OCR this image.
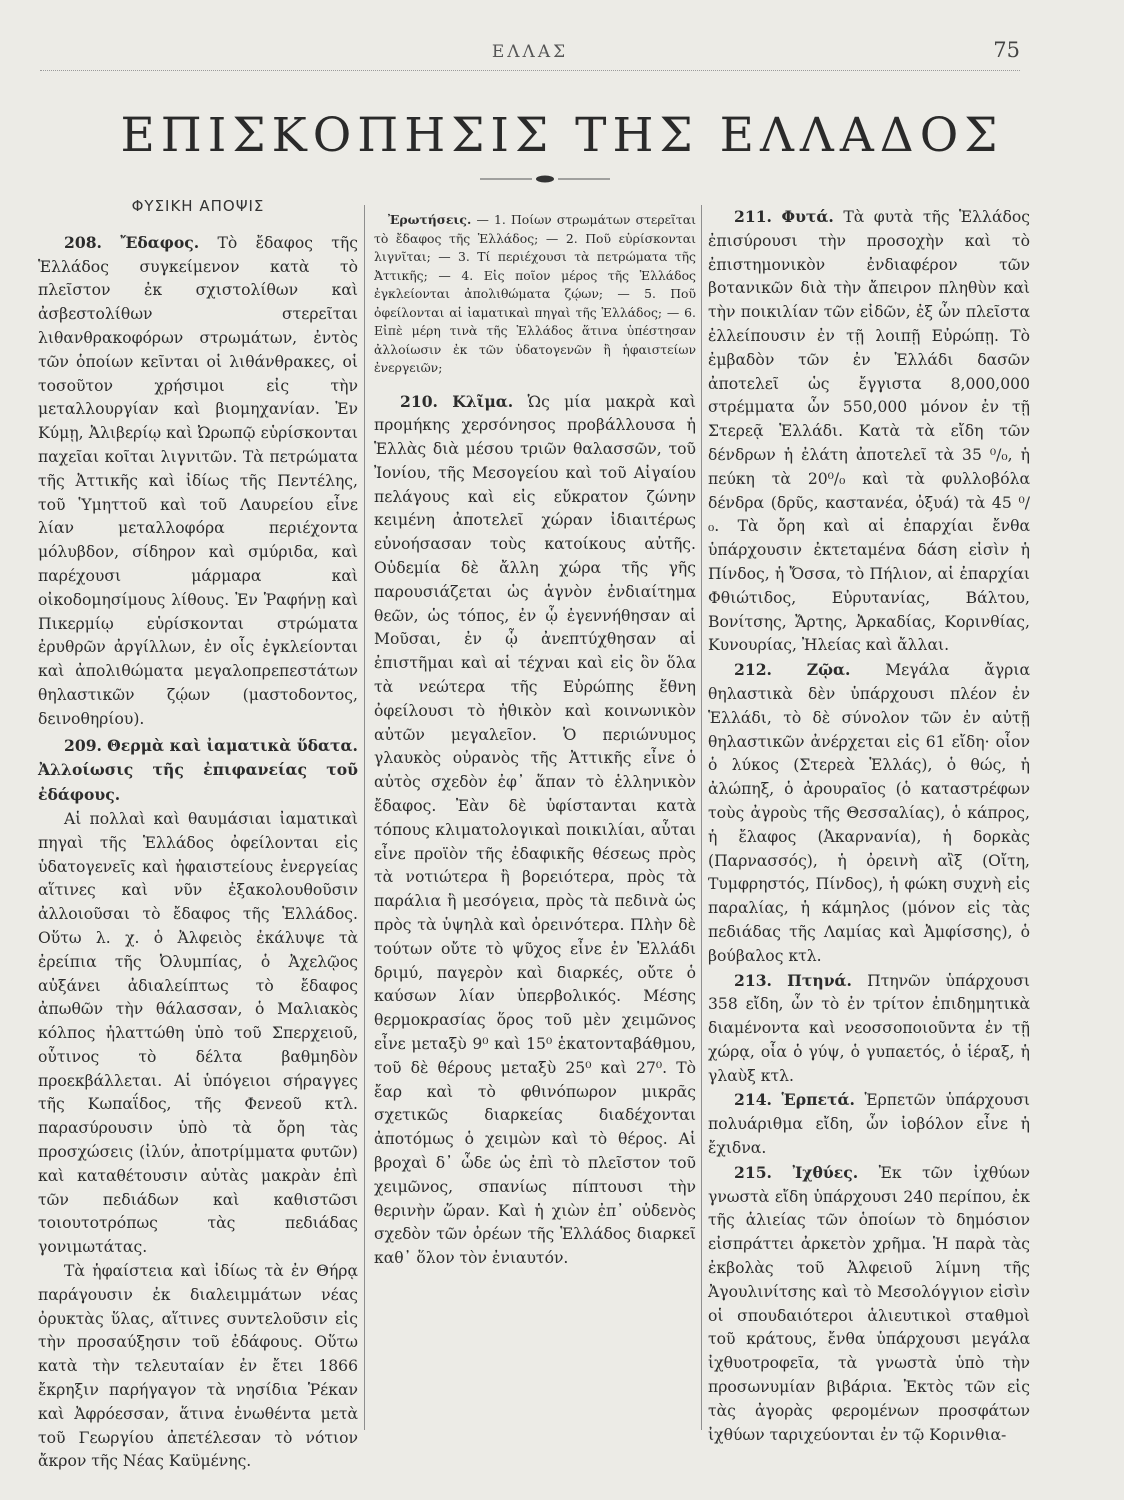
ΕΛΛΑΣ	75
ΕΠΙΣΚΟΠΗΣΙΣ ΤΗΣ ΕΛΛΑΔΟΣ
ΦΥΣΙΚΗ ΑΠΟΨΙΣ

208. Ἔδαφος. Τὸ ἔδαφος τῆς Ἑλλάδος συγκείμενον κατὰ τὸ πλεῖστον ἐκ σχιστολίθων καὶ ἀσβεστολίθων στερεῖται λιθανθρακοφόρων στρωμάτων, ἐντὸς τῶν ὁποίων κεῖνται οἱ λιθάνθρακες, οἱ τοσοῦτον χρήσιμοι εἰς τὴν μεταλλουργίαν καὶ βιομηχανίαν. Ἐν Κύμῃ, Ἀλιβερίῳ καὶ Ὠρωπῷ εὑρίσκονται παχεῖαι κοῖται λιγνιτῶν. Τὰ πετρώματα τῆς Ἀττικῆς καὶ ἰδίως τῆς Πεντέλης, τοῦ Ὑμηττοῦ καὶ τοῦ Λαυρείου εἶνε λίαν μεταλλοφόρα περιέχοντα μόλυβδον, σίδηρον καὶ σμύριδα, καὶ παρέχουσι μάρμαρα καὶ οἰκοδομησίμους λίθους. Ἐν Ῥαφήνῃ καὶ Πικερμίῳ εὑρίσκονται στρώματα ἐρυθρῶν ἀργίλλων, ἐν οἷς ἐγκλείονται καὶ ἀπολιθώματα μεγαλοπρεπεστάτων θηλαστικῶν ζῴων (μαστοδοντος, δεινοθηρίου).

209. Θερμὰ καὶ ἰαματικὰ ὕδατα. Ἀλλοίωσις τῆς ἐπιφανείας τοῦ ἐδάφους.

Αἱ πολλαὶ καὶ θαυμάσιαι ἰαματικαὶ πηγαὶ τῆς Ἑλλάδος ὀφείλονται εἰς ὑδατογενεῖς καὶ ἡφαιστείους ἐνεργείας αἵτινες καὶ νῦν ἐξακολουθοῦσιν ἀλλοιοῦσαι τὸ ἔδαφος τῆς Ἑλλάδος. Οὕτω λ. χ. ὁ Ἀλφειὸς ἐκάλυψε τὰ ἐρείπια τῆς Ὀλυμπίας, ὁ Ἀχελῷος αὐξάνει ἀδιαλείπτως τὸ ἔδαφος ἀπωθῶν τὴν θάλασσαν, ὁ Μαλιακὸς κόλπος ἠλαττώθη ὑπὸ τοῦ Σπερχειοῦ, οὗτινος τὸ δέλτα βαθμηδὸν προεκβάλλεται. Αἱ ὑπόγειοι σήραγγες τῆς Κωπαΐδος, τῆς Φενεοῦ κτλ. παρασύρουσιν ὑπὸ τὰ ὄρη τὰς προσχώσεις (ἰλύν, ἀποτρίμματα φυτῶν) καὶ καταθέτουσιν αὐτὰς μακρὰν ἐπὶ τῶν πεδιάδων καὶ καθιστῶσι τοιουτοτρόπως τὰς πεδιάδας γονιμωτάτας.

Τὰ ἡφαίστεια καὶ ἰδίως τὰ ἐν Θήρᾳ παράγουσιν ἐκ διαλειμμάτων νέας ὀρυκτὰς ὕλας, αἵτινες συντελοῦσιν εἰς τὴν προσαύξησιν τοῦ ἐδάφους. Οὕτω κατὰ τὴν τελευταίαν ἐν ἔτει 1866 ἔκρηξιν παρήγαγον τὰ νησίδια Ῥέκαν καὶ Ἀφρόεσσαν, ἅτινα ἑνωθέντα μετὰ τοῦ Γεωργίου ἀπετέλεσαν τὸ νότιον ἄκρον τῆς Νέας Καϋμένης.

Ἐρωτήσεις. — 1. Ποίων στρωμάτων στερεῖται τὸ ἔδαφος τῆς Ἑλλάδος; — 2. Ποῦ εὑρίσκονται λιγνῖται; — 3. Τί περιέχουσι τὰ πετρώματα τῆς Ἀττικῆς; — 4. Εἰς ποῖον μέρος τῆς Ἑλλάδος ἐγκλείονται ἀπολιθώματα ζῴων; — 5. Ποῦ ὀφείλονται αἱ ἰαματικαὶ πηγαὶ τῆς Ἑλλάδος; — 6. Εἰπὲ μέρη τινὰ τῆς Ἑλλάδος ἅτινα ὑπέστησαν ἀλλοίωσιν ἐκ τῶν ὑδατογενῶν ἢ ἡφαιστείων ἐνεργειῶν;

210. Κλῖμα. Ὡς μία μακρὰ καὶ προμήκης χερσόνησος προβάλλουσα ἡ Ἑλλὰς διὰ μέσου τριῶν θαλασσῶν, τοῦ Ἰονίου, τῆς Μεσογείου καὶ τοῦ Αἰγαίου πελάγους καὶ εἰς εὔκρατον ζώνην κειμένη ἀποτελεῖ χώραν ἰδιαιτέρως εὐνοήσασαν τοὺς κατοίκους αὐτῆς. Οὐδεμία δὲ ἄλλη χώρα τῆς γῆς παρουσιάζεται ὡς ἁγνὸν ἐνδιαίτημα θεῶν, ὡς τόπος, ἐν ᾧ ἐγεννήθησαν αἱ Μοῦσαι, ἐν ᾧ ἀνεπτύχθησαν αἱ ἐπιστῆμαι καὶ αἱ τέχναι καὶ εἰς ὃν ὅλα τὰ νεώτερα τῆς Εὐρώπης ἔθνη ὀφείλουσι τὸ ἠθικὸν καὶ κοινωνικὸν αὐτῶν μεγαλεῖον. Ὁ περιώνυμος γλαυκὸς οὐρανὸς τῆς Ἀττικῆς εἶνε ὁ αὐτὸς σχεδὸν ἐφ᾿ ἅπαν τὸ ἑλληνικὸν ἔδαφος. Ἐὰν δὲ ὑφίστανται κατὰ τόπους κλιματολογικαὶ ποικιλίαι, αὗται εἶνε προϊὸν τῆς ἐδαφικῆς θέσεως πρὸς τὰ νοτιώτερα ἢ βορειότερα, πρὸς τὰ παράλια ἢ μεσόγεια, πρὸς τὰ πεδινὰ ὡς πρὸς τὰ ὑψηλὰ καὶ ὀρεινότερα. Πλὴν δὲ τούτων οὔτε τὸ ψῦχος εἶνε ἐν Ἑλλάδι δριμύ, παγερὸν καὶ διαρκές, οὔτε ὁ καύσων λίαν ὑπερβολικός. Μέσης θερμοκρασίας ὅρος τοῦ μὲν χειμῶνος εἶνε μεταξὺ 9⁰ καὶ 15⁰ ἑκατονταβάθμου, τοῦ δὲ θέρους μεταξὺ 25⁰ καὶ 27⁰. Τὸ ἔαρ καὶ τὸ φθινόπωρον μικρᾶς σχετικῶς διαρκείας διαδέχονται ἀποτόμως ὁ χειμὼν καὶ τὸ θέρος. Αἱ βροχαὶ δ᾿ ὧδε ὡς ἐπὶ τὸ πλεῖστον τοῦ χειμῶνος, σπανίως πίπτουσι τὴν θερινὴν ὥραν. Καὶ ἡ χιὼν ἐπ᾿ οὐδενὸς σχεδὸν τῶν ὀρέων τῆς Ἑλλάδος διαρκεῖ καθ᾿ ὅλον τὸν ἐνιαυτόν.

211. Φυτά. Τὰ φυτὰ τῆς Ἑλλάδος ἐπισύρουσι τὴν προσοχὴν καὶ τὸ ἐπιστημονικὸν ἐνδιαφέρον τῶν βοτανικῶν διὰ τὴν ἄπειρον πληθὺν καὶ τὴν ποικιλίαν τῶν εἰδῶν, ἐξ ὧν πλεῖστα ἐλλείπουσιν ἐν τῇ λοιπῇ Εὐρώπῃ. Τὸ ἐμβαδὸν τῶν ἐν Ἑλλάδι δασῶν ἀποτελεῖ ὡς ἔγγιστα 8,000,000 στρέμματα ὧν 550,000 μόνον ἐν τῇ Στερεᾷ Ἑλλάδι. Κατὰ τὰ εἴδη τῶν δένδρων ἡ ἐλάτη ἀποτελεῖ τὰ 35 ⁰/₀, ἡ πεύκη τὰ 20⁰/₀ καὶ τὰ φυλλοβόλα δένδρα (δρῦς, καστανέα, ὀξυά) τὰ 45 ⁰/₀. Τὰ ὄρη καὶ αἱ ἐπαρχίαι ἔνθα ὑπάρχουσιν ἐκτεταμένα δάση εἰσὶν ἡ Πίνδος, ἡ Ὄσσα, τὸ Πήλιον, αἱ ἐπαρχίαι Φθιώτιδος, Εὐρυτανίας, Βάλτου, Βονίτσης, Ἄρτης, Ἀρκαδίας, Κορινθίας, Κυνουρίας, Ἠλείας καὶ ἄλλαι.

212. Ζῷα. Μεγάλα ἄγρια θηλαστικὰ δὲν ὑπάρχουσι πλέον ἐν Ἑλλάδι, τὸ δὲ σύνολον τῶν ἐν αὐτῇ θηλαστικῶν ἀνέρχεται εἰς 61 εἴδη· οἷον ὁ λύκος (Στερεὰ Ἑλλάς), ὁ θώς, ἡ ἀλώπηξ, ὁ ἀρουραῖος (ὁ καταστρέφων τοὺς ἀγροὺς τῆς Θεσσαλίας), ὁ κάπρος, ἡ ἔλαφος (Ἀκαρνανία), ἡ δορκὰς (Παρνασσός), ἡ ὀρεινὴ αἲξ (Οἴτη, Τυμφρηστός, Πίνδος), ἡ φώκη συχνὴ εἰς παραλίας, ἡ κάμηλος (μόνον εἰς τὰς πεδιάδας τῆς Λαμίας καὶ Ἀμφίσσης), ὁ βούβαλος κτλ.

213. Πτηνά. Πτηνῶν ὑπάρχουσι 358 εἴδη, ὧν τὸ ἐν τρίτον ἐπιδημητικὰ διαμένοντα καὶ νεοσσοποιοῦντα ἐν τῇ χώρᾳ, οἷα ὁ γύψ, ὁ γυπαετός, ὁ ἱέραξ, ἡ γλαὺξ κτλ.

214. Ἑρπετά. Ἑρπετῶν ὑπάρχουσι πολυάριθμα εἴδη, ὧν ἰοβόλον εἶνε ἡ ἔχιδνα.

215. Ἰχθύες. Ἐκ τῶν ἰχθύων γνωστὰ εἴδη ὑπάρχουσι 240 περίπου, ἐκ τῆς ἁλιείας τῶν ὁποίων τὸ δημόσιον εἰσπράττει ἀρκετὸν χρῆμα. Ἡ παρὰ τὰς ἐκβολὰς τοῦ Ἀλφειοῦ λίμνη τῆς Ἀγουλινίτσης καὶ τὸ Μεσολόγγιον εἰσὶν οἱ σπουδαιότεροι ἁλιευτικοὶ σταθμοὶ τοῦ κράτους, ἔνθα ὑπάρχουσι μεγάλα ἰχθυοτροφεῖα, τὰ γνωστὰ ὑπὸ τὴν προσωνυμίαν βιβάρια. Ἐκτὸς τῶν εἰς τὰς ἀγορὰς φερομένων προσφάτων ἰχθύων ταριχεύονται ἐν τῷ Κορινθια-
